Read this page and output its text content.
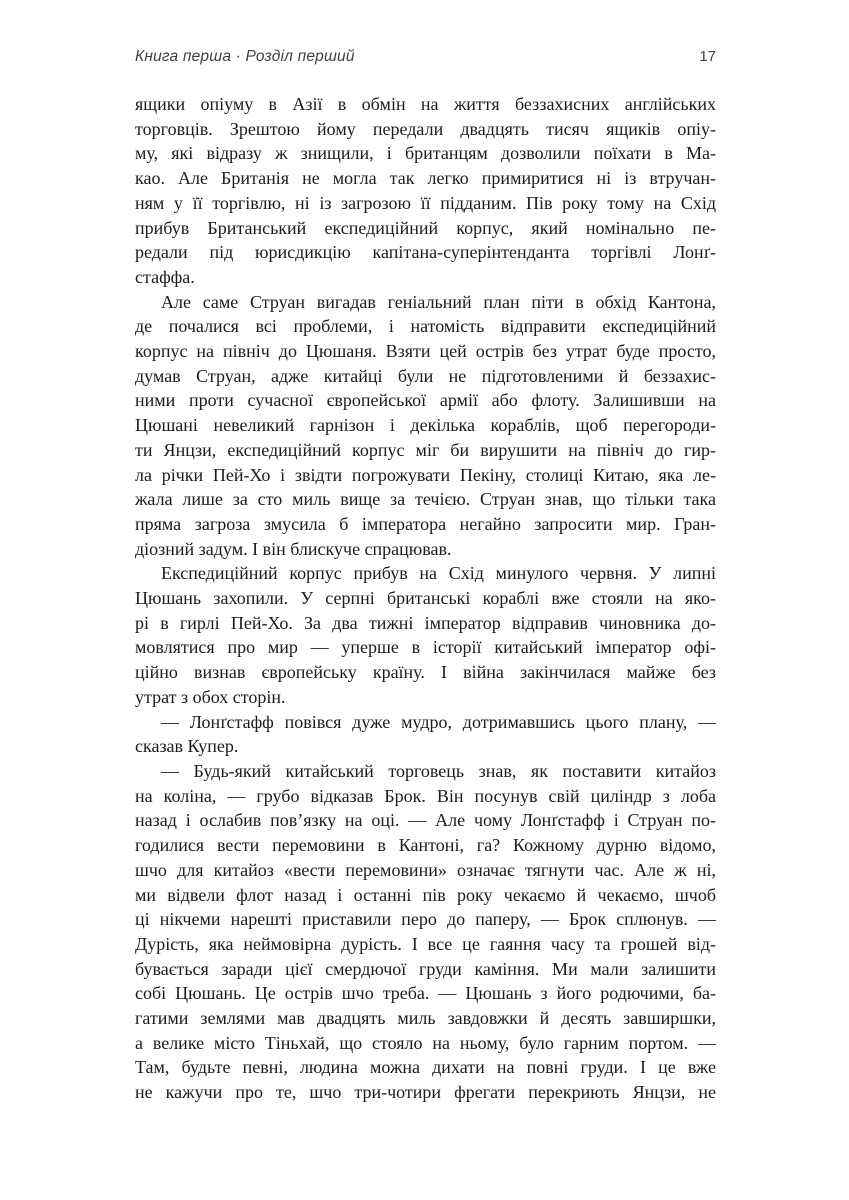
Книга перша · Розділ перший	17
ящики опіуму в Азії в обмін на життя беззахисних англійських
торговців. Зрештою йому передали двадцять тисяч ящиків опіу-
му, які відразу ж знищили, і британцям дозволили поїхати в Ма-
као. Але Британія не могла так легко примиритися ні із втручан-
ням у її торгівлю, ні із загрозою її підданим. Пів року тому на Схід
прибув Британський експедиційний корпус, який номінально пе-
редали під юрисдикцію капітана-суперінтенданта торгівлі Лонґ-
стаффа.
Але саме Струан вигадав геніальний план піти в обхід Кантона,
де почалися всі проблеми, і натомість відправити експедиційний
корпус на північ до Цюшаня. Взяти цей острів без утрат буде просто,
думав Струан, адже китайці були не підготовленими й беззахис-
ними проти сучасної європейської армії або флоту. Залишивши на
Цюшані невеликий гарнізон і декілька кораблів, щоб перегороди-
ти Янцзи, експедиційний корпус міг би вирушити на північ до гир-
ла річки Пей-Хо і звідти погрожувати Пекіну, столиці Китаю, яка ле-
жала лише за сто миль вище за течією. Струан знав, що тільки така
пряма загроза змусила б імператора негайно запросити мир. Гран-
діозний задум. І він блискуче спрацював.
Експедиційний корпус прибув на Схід минулого червня. У липні
Цюшань захопили. У серпні британські кораблі вже стояли на яко-
рі в гирлі Пей-Хо. За два тижні імператор відправив чиновника до-
мовлятися про мир — уперше в історії китайський імператор офі-
ційно визнав європейську країну. І війна закінчилася майже без
утрат з обох сторін.
— Лонґстафф повівся дуже мудро, дотримавшись цього плану, —
сказав Купер.
— Будь-який китайський торговець знав, як поставити китайоз
на коліна, — грубо відказав Брок. Він посунув свій циліндр з лоба
назад і ослабив пов’язку на оці. — Але чому Лонґстафф і Струан по-
годилися вести перемовини в Кантоні, га? Кожному дурню відомо,
шчо для китайоз «вести перемовини» означає тягнути час. Але ж ні,
ми відвели флот назад і останні пів року чекаємо й чекаємо, шчоб
ці нікчеми нарешті приставили перо до паперу, — Брок сплюнув. —
Дурість, яка неймовірна дурість. І все це гаяння часу та грошей від-
бувається заради цієї смердючої груди каміння. Ми мали залишити
собі Цюшань. Це острів шчо треба. — Цюшань з його родючими, ба-
гатими землями мав двадцять миль завдовжки й десять завширшки,
а велике місто Тіньхай, що стояло на ньому, було гарним портом. —
Там, будьте певні, людина можна дихати на повні груди. І це вже
не кажучи про те, шчо три-чотири фрегати перекриють Янцзи, не
